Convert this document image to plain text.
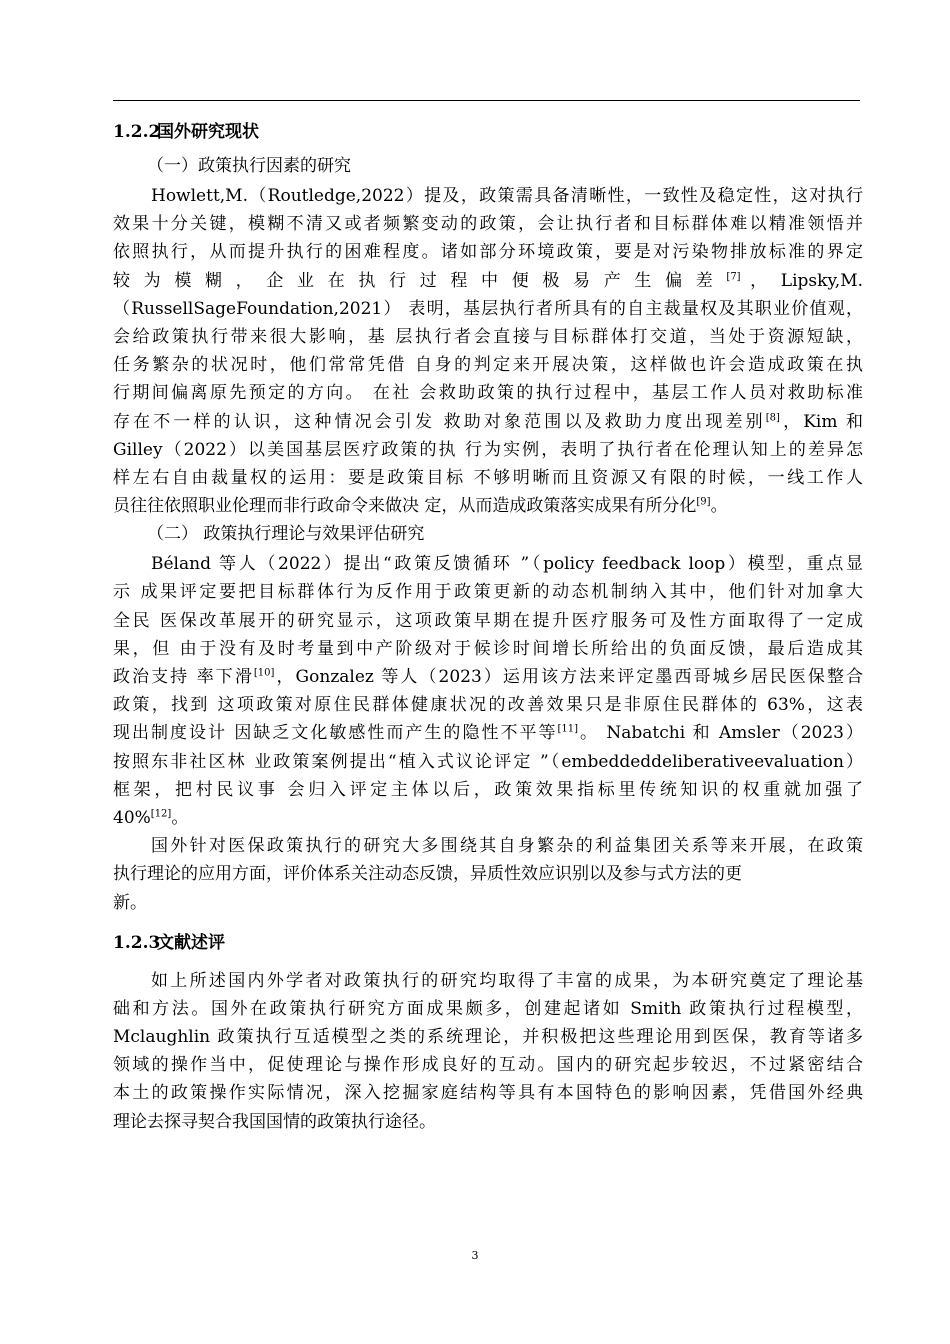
1.2.2国外研究现状
（一）政策执行因素的研究
Howlett,M.（Routledge,2022）提及，政策需具备清晰性，一致性及稳定性，这对执行
效果十分关键，模糊不清又或者频繁变动的政策，会让执行者和目标群体难以精准领悟并
依照执行，从而提升执行的困难程度。诸如部分环境政策，要是对污染物排放标准的界定
较 为 模 糊 ， 企 业 在 执 行 过 程 中 便 极 易 产 生 偏 差 [7] ， Lipsky,M.
（RussellSageFoundation,2021） 表明，基层执行者所具有的自主裁量权及其职业价值观，
会给政策执行带来很大影响，基 层执行者会直接与目标群体打交道，当处于资源短缺，
任务繁杂的状况时，他们常常凭借 自身的判定来开展决策，这样做也许会造成政策在执
行期间偏离原先预定的方向。 在社 会救助政策的执行过程中，基层工作人员对救助标准
存在不一样的认识，这种情况会引发 救助对象范围以及救助力度出现差别[8]，Kim 和
Gilley（2022）以美国基层医疗政策的执 行为实例，表明了执行者在伦理认知上的差异怎
样左右自由裁量权的运用：要是政策目标 不够明晰而且资源又有限的时候，一线工作人
员往往依照职业伦理而非行政命令来做决 定，从而造成政策落实成果有所分化[9]。
（二） 政策执行理论与效果评估研究
Béland 等人（2022）提出“政策反馈循环 ”（policy feedback loop）模型，重点显
示 成果评定要把目标群体行为反作用于政策更新的动态机制纳入其中，他们针对加拿大
全民 医保改革展开的研究显示，这项政策早期在提升医疗服务可及性方面取得了一定成
果，但 由于没有及时考量到中产阶级对于候诊时间增长所给出的负面反馈，最后造成其
政治支持 率下滑[10]，Gonzalez 等人（2023）运用该方法来评定墨西哥城乡居民医保整合
政策，找到 这项政策对原住民群体健康状况的改善效果只是非原住民群体的 63%，这表
现出制度设计 因缺乏文化敏感性而产生的隐性不平等[11]。 Nabatchi 和 Amsler（2023）
按照东非社区林 业政策案例提出“植入式议论评定 ”（embeddeddeliberativeevaluation）
框架，把村民议事 会归入评定主体以后，政策效果指标里传统知识的权重就加强了
40%[12]。
国外针对医保政策执行的研究大多围绕其自身繁杂的利益集团关系等来开展，在政策
执行理论的应用方面，评价体系关注动态反馈，异质性效应识别以及参与式方法的更
新。
1.2.3文献述评
如上所述国内外学者对政策执行的研究均取得了丰富的成果，为本研究奠定了理论基
础和方法。国外在政策执行研究方面成果颇多，创建起诸如 Smith 政策执行过程模型，
Mclaughlin 政策执行互适模型之类的系统理论，并积极把这些理论用到医保，教育等诸多
领域的操作当中，促使理论与操作形成良好的互动。国内的研究起步较迟，不过紧密结合
本土的政策操作实际情况，深入挖掘家庭结构等具有本国特色的影响因素，凭借国外经典
理论去探寻契合我国国情的政策执行途径。
3
